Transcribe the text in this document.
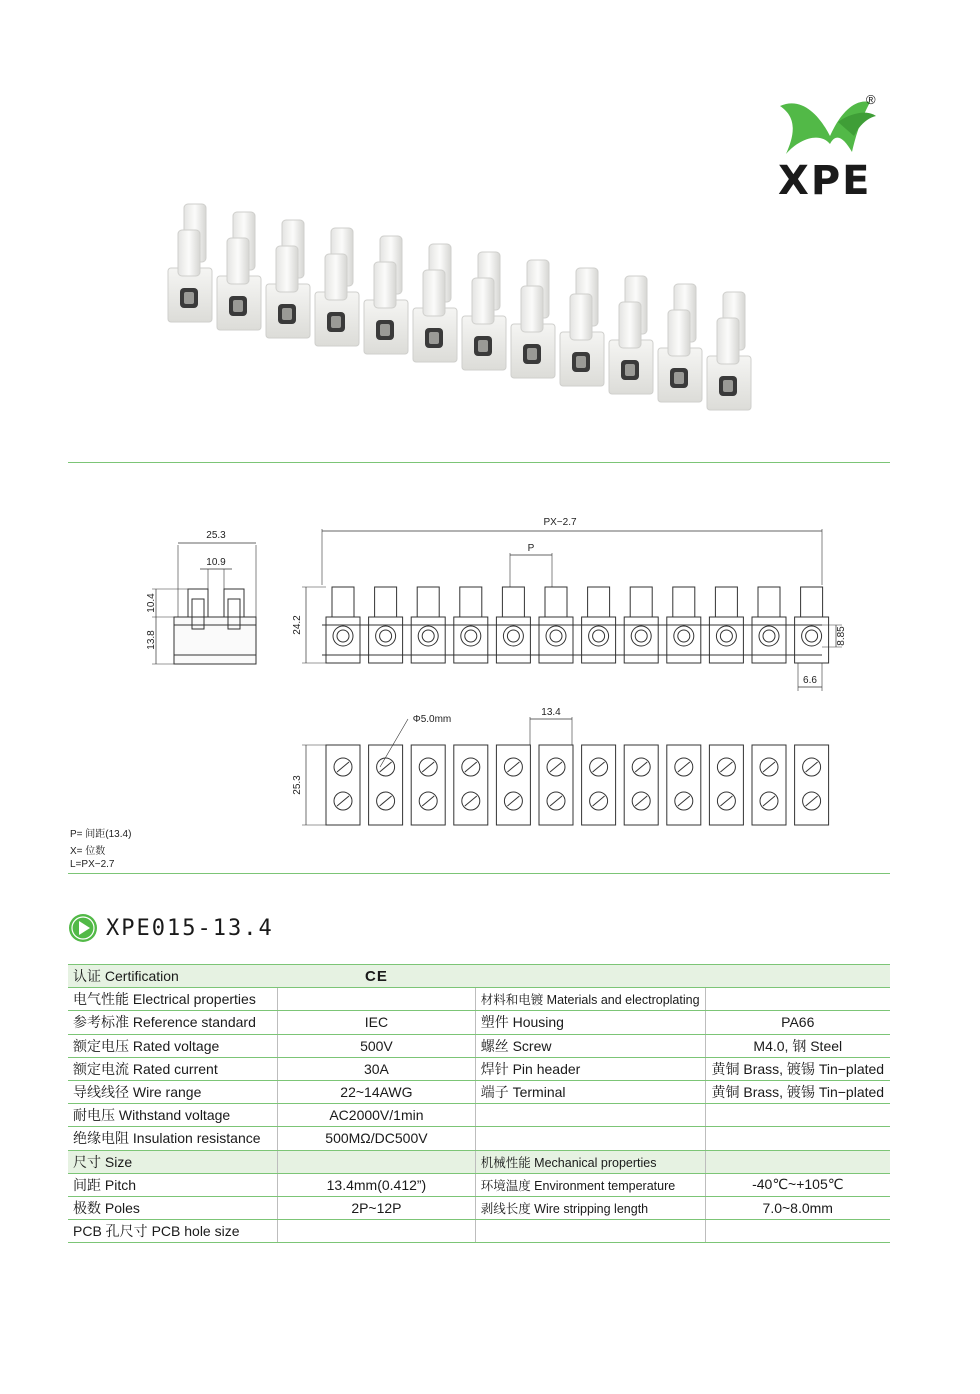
XPE
®
25.3
10.9
10.4
13.8
PX−2.7
P
24.2
8.85
6.6
Φ5.0mm
13.4
25.3
P= 间距(13.4)
X= 位数
L=PX−2.7
XPE015-13.4
认证 Certification	CE		
电气性能 Electrical properties		材料和电镀 Materials and electroplating	
参考标准 Reference standard	IEC	塑件 Housing	PA66
额定电压 Rated voltage	500V	螺丝 Screw	M4.0, 钢 Steel
额定电流 Rated current	30A	焊针 Pin header	黄铜 Brass, 镀锡 Tin−plated
导线线径 Wire range	22~14AWG	端子 Terminal	黄铜 Brass, 镀锡 Tin−plated
耐电压 Withstand voltage	AC2000V/1min		
绝缘电阻 Insulation resistance	500MΩ/DC500V		
尺寸 Size		机械性能 Mechanical properties	
间距 Pitch	13.4mm(0.412”)	环境温度 Environment temperature	-40℃~+105℃
极数 Poles	2P~12P	剥线长度 Wire stripping length	7.0~8.0mm
PCB 孔尺寸 PCB hole size			
